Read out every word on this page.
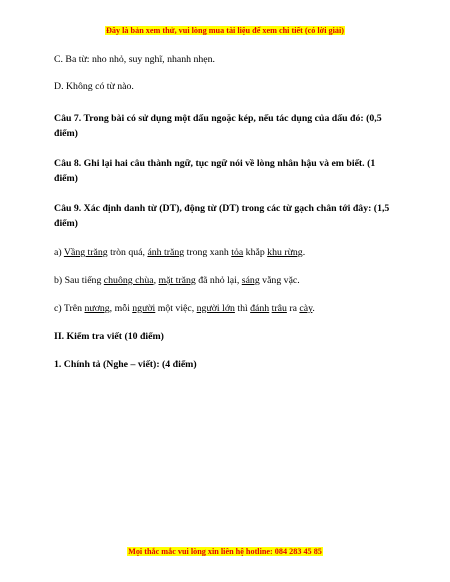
Đây là bản xem thử, vui lòng mua tài liệu để xem chi tiết (có lời giải)
C. Ba từ: nho nhỏ, suy nghĩ, nhanh nhẹn.
D. Không có từ nào.
Câu 7. Trong bài có sử dụng một dấu ngoặc kép, nếu tác dụng của dấu đó: (0,5 điểm)
Câu 8. Ghi lại hai câu thành ngữ, tục ngữ nói về lòng nhân hậu và em biết. (1 điểm)
Câu 9. Xác định danh từ (DT), động từ (DT) trong các từ gạch chân tới đây: (1,5 điểm)
a) Vầng trăng tròn quá, ánh trăng trong xanh tỏa khắp khu rừng.
b) Sau tiếng chuông chùa, mặt trăng đã nhỏ lại, sáng vằng vặc.
c) Trên nương, mỗi người một việc, người lớn thì đánh trâu ra cày.
II. Kiểm tra viết (10 điểm)
1. Chính tả (Nghe – viết): (4 điểm)
Mọi thắc mắc vui lòng xin liên hệ hotline: 084 283 45 85
